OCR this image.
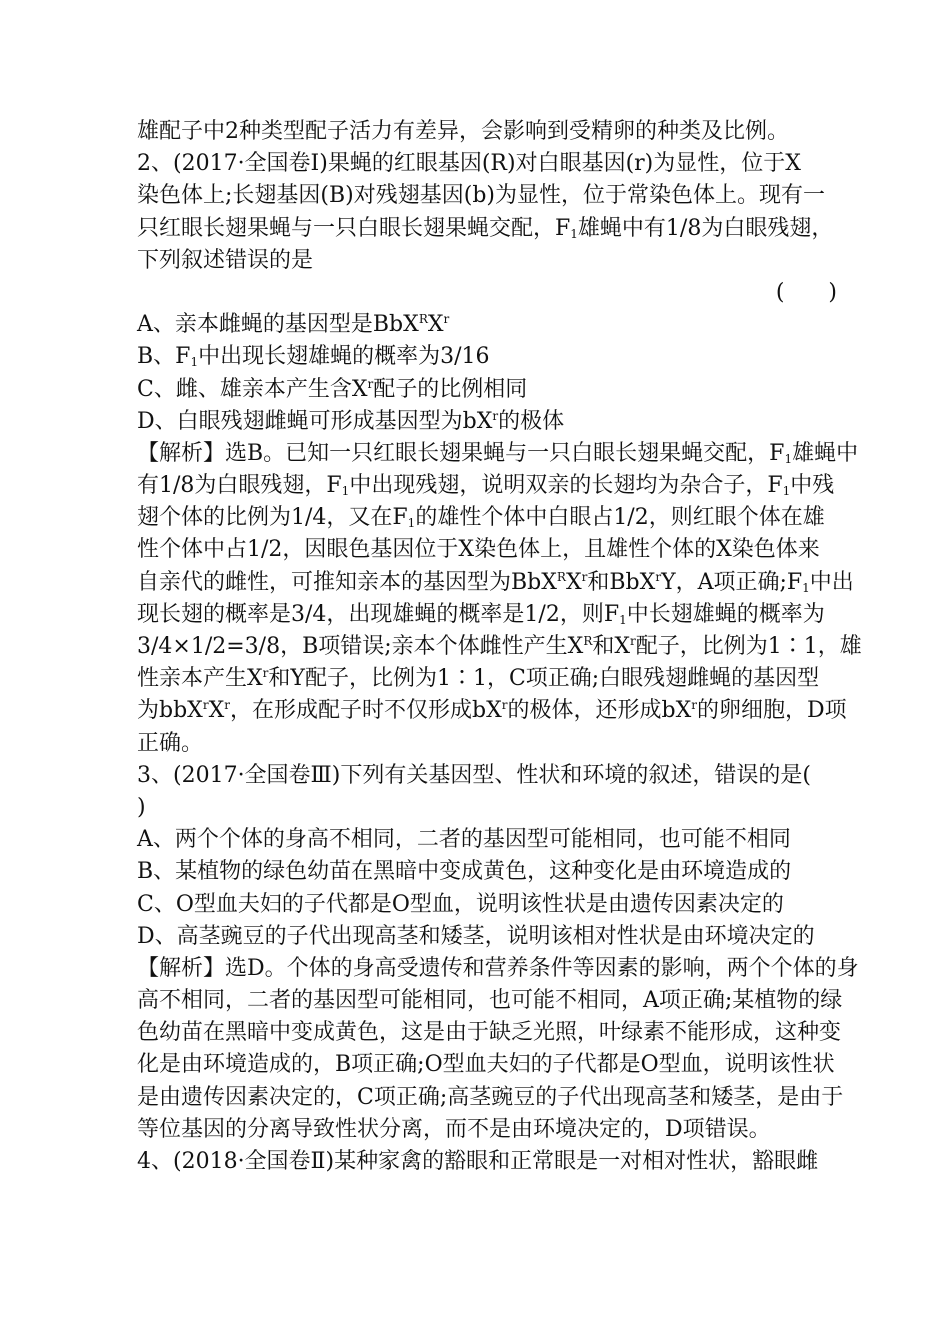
雄配子中2种类型配子活力有差异，会影响到受精卵的种类及比例。
2、(2017·全国卷Ⅰ)果蝇的红眼基因(R)对白眼基因(r)为显性，位于X
染色体上;长翅基因(B)对残翅基因(b)为显性，位于常染色体上。现有一
只红眼长翅果蝇与一只白眼长翅果蝇交配，$F_1$雄蝇中有1/8为白眼残翅，
下列叙述错误的是
(　　)
A、亲本雌蝇的基因型是$BbX^RX^r$
B、$F_1$中出现长翅雄蝇的概率为3/16
C、雌、雄亲本产生含$X^r$配子的比例相同
D、白眼残翅雌蝇可形成基因型为$bX^r$的极体
【解析】选B。已知一只红眼长翅果蝇与一只白眼长翅果蝇交配，$F_1$雄蝇中
有1/8为白眼残翅，$F_1$中出现残翅，说明双亲的长翅均为杂合子，$F_1$中残
翅个体的比例为1/4，又在$F_1$的雄性个体中白眼占1/2，则红眼个体在雄
性个体中占1/2，因眼色基因位于X染色体上，且雄性个体的X染色体来
自亲代的雌性，可推知亲本的基因型为$BbX^RX^r$和BbX$^r$Y，A项正确$;F_1$中出
现长翅的概率是3/4，出现雄蝇的概率是1/2，则$F_1$中长翅雄蝇的概率为
3/4×1/2=3/8，B项错误;亲本个体雌性产生$X^R$和$X^r$配子，比例为1∶1，雄
性亲本产生$X^r$和Y配子，比例为1∶1，C项正确;白眼残翅雌蝇的基因型
为$bbX^rX^r$，在形成配子时不仅形成$bX^r$的极体，还形成$bX^r$的卵细胞，D项
正确。
3、(2017·全国卷Ⅲ)下列有关基因型、性状和环境的叙述，错误的是(
)
A、两个个体的身高不相同，二者的基因型可能相同，也可能不相同
B、某植物的绿色幼苗在黑暗中变成黄色，这种变化是由环境造成的
C、O型血夫妇的子代都是O型血，说明该性状是由遗传因素决定的
D、高茎豌豆的子代出现高茎和矮茎，说明该相对性状是由环境决定的
【解析】选D。个体的身高受遗传和营养条件等因素的影响，两个个体的身
高不相同，二者的基因型可能相同，也可能不相同，A项正确;某植物的绿
色幼苗在黑暗中变成黄色，这是由于缺乏光照，叶绿素不能形成，这种变
化是由环境造成的，B项正确;O型血夫妇的子代都是O型血，说明该性状
是由遗传因素决定的，C项正确;高茎豌豆的子代出现高茎和矮茎，是由于
等位基因的分离导致性状分离，而不是由环境决定的，D项错误。
4、(2018·全国卷Ⅱ)某种家禽的豁眼和正常眼是一对相对性状，豁眼雌
